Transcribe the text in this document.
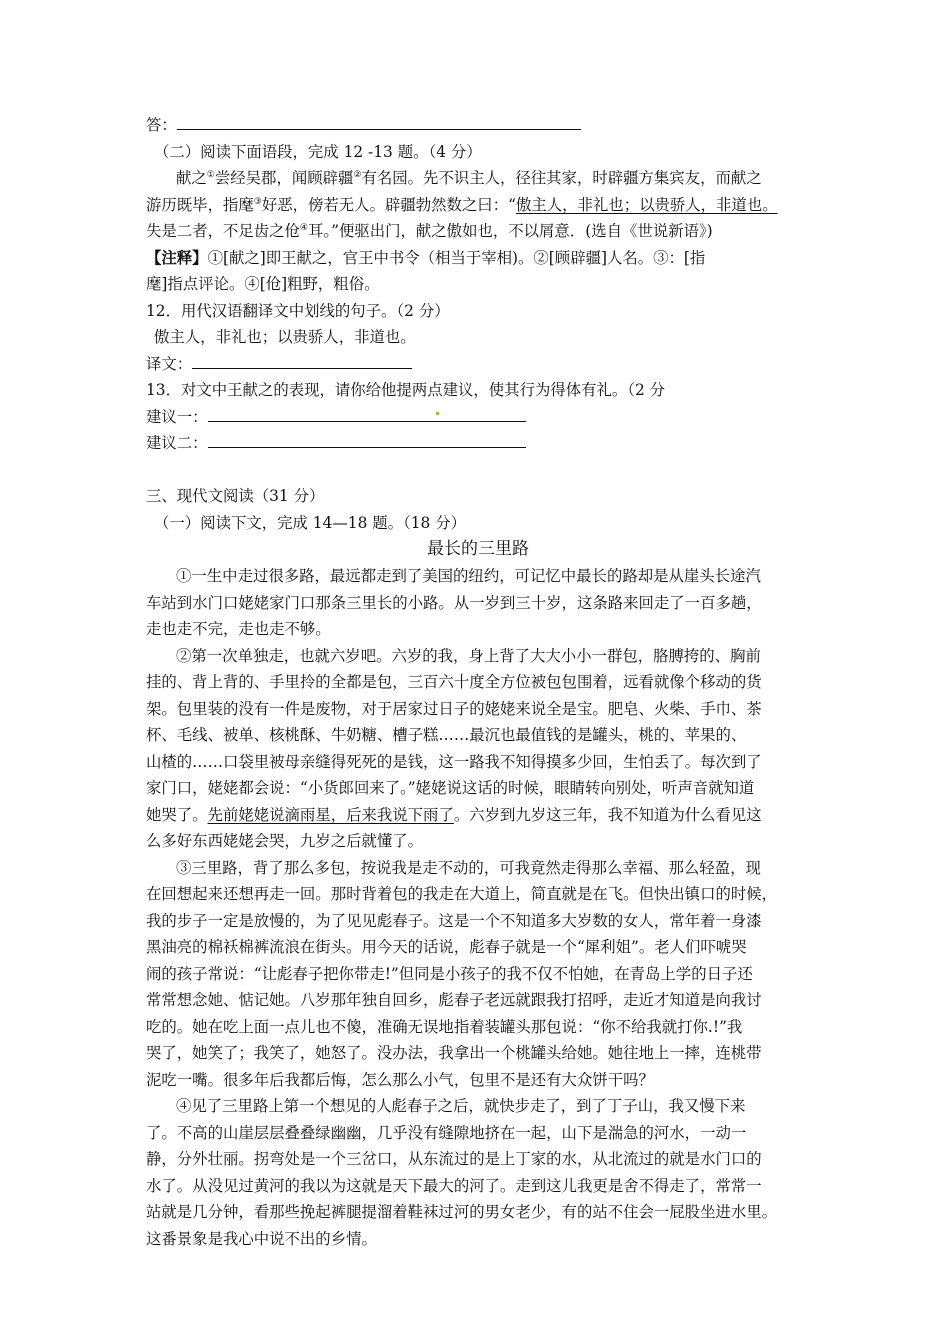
答：
（二）阅读下面语段，完成 12 -13 题。（4 分）
献之①尝经吴郡，闻顾辟疆②有名园。先不识主人，径往其家，时辟疆方集宾友，而献之
游历既毕，指麾③好恶，傍若无人。辟疆勃然数之曰：“傲主人，非礼也；以贵骄人，非道也。
失是二者，不足齿之伧④耳。”便驱出门，献之傲如也，不以屑意．(选自《世说新语》)
【注释】①[献之]即王献之，官王中书令（相当于宰相)。②[顾辟疆]人名。③：[指
麾]指点评论。④[伧]粗野，粗俗。
12．用代汉语翻译文中划线的句子。（2 分）
傲主人，非礼也；以贵骄人，非道也。
译文：
13．对文中王献之的表现，请你给他提两点建议，使其行为得体有礼。（2 分
建议一：
建议二：
三、现代文阅读（31 分）
（一）阅读下文，完成 14—18 题。（18 分）
最长的三里路
①一生中走过很多路，最远都走到了美国的纽约，可记忆中最长的路却是从崖头长途汽
车站到水门口姥姥家门口那条三里长的小路。从一岁到三十岁，这条路来回走了一百多趟，
走也走不完，走也走不够。
②第一次单独走，也就六岁吧。六岁的我，身上背了大大小小一群包，胳膊挎的、胸前
挂的、背上背的、手里拎的全都是包，三百六十度全方位被包包围着，远看就像个移动的货
架。包里装的没有一件是废物，对于居家过日子的姥姥来说全是宝。肥皂、火柴、手巾、茶
杯、毛线、被单、核桃酥、牛奶糖、槽子糕……最沉也最值钱的是罐头，桃的、苹果的、
山楂的……口袋里被母亲缝得死死的是钱，这一路我不知得摸多少回，生怕丢了。每次到了
家门口，姥姥都会说：“小货郎回来了。”姥姥说这话的时候，眼睛转向别处，听声音就知道
她哭了。先前姥姥说滴雨星，后来我说下雨了。六岁到九岁这三年，我不知道为什么看见这
么多好东西姥姥会哭，九岁之后就懂了。
③三里路，背了那么多包，按说我是走不动的，可我竟然走得那么幸福、那么轻盈，现
在回想起来还想再走一回。那时背着包的我走在大道上，简直就是在飞。但快出镇口的时候，
我的步子一定是放慢的，为了见见彪春子。这是一个不知道多大岁数的女人，常年着一身漆
黑油亮的棉袄棉裤流浪在街头。用今天的话说，彪春子就是一个“犀利姐”。老人们吓唬哭
闹的孩子常说：“让彪春子把你带走!”但同是小孩子的我不仅不怕她，在青岛上学的日子还
常常想念她、惦记她。八岁那年独自回乡，彪春子老远就跟我打招呼，走近才知道是向我讨
吃的。她在吃上面一点儿也不傻，准确无误地指着装罐头那包说：“你不给我就打你.!”我
哭了，她笑了；我笑了，她怒了。没办法，我拿出一个桃罐头给她。她往地上一摔，连桃带
泥吃一嘴。很多年后我都后悔，怎么那么小气，包里不是还有大众饼干吗？
④见了三里路上第一个想见的人彪春子之后，就快步走了，到了丁子山，我又慢下来
了。不高的山崖层层叠叠绿幽幽，几乎没有缝隙地挤在一起，山下是湍急的河水，一动一
静，分外壮丽。拐弯处是一个三岔口，从东流过的是上丁家的水，从北流过的就是水门口的
水了。从没见过黄河的我以为这就是天下最大的河了。走到这儿我更是舍不得走了，常常一
站就是几分钟，看那些挽起裤腿提溜着鞋袜过河的男女老少，有的站不住会一屁股坐进水里。
这番景象是我心中说不出的乡情。
